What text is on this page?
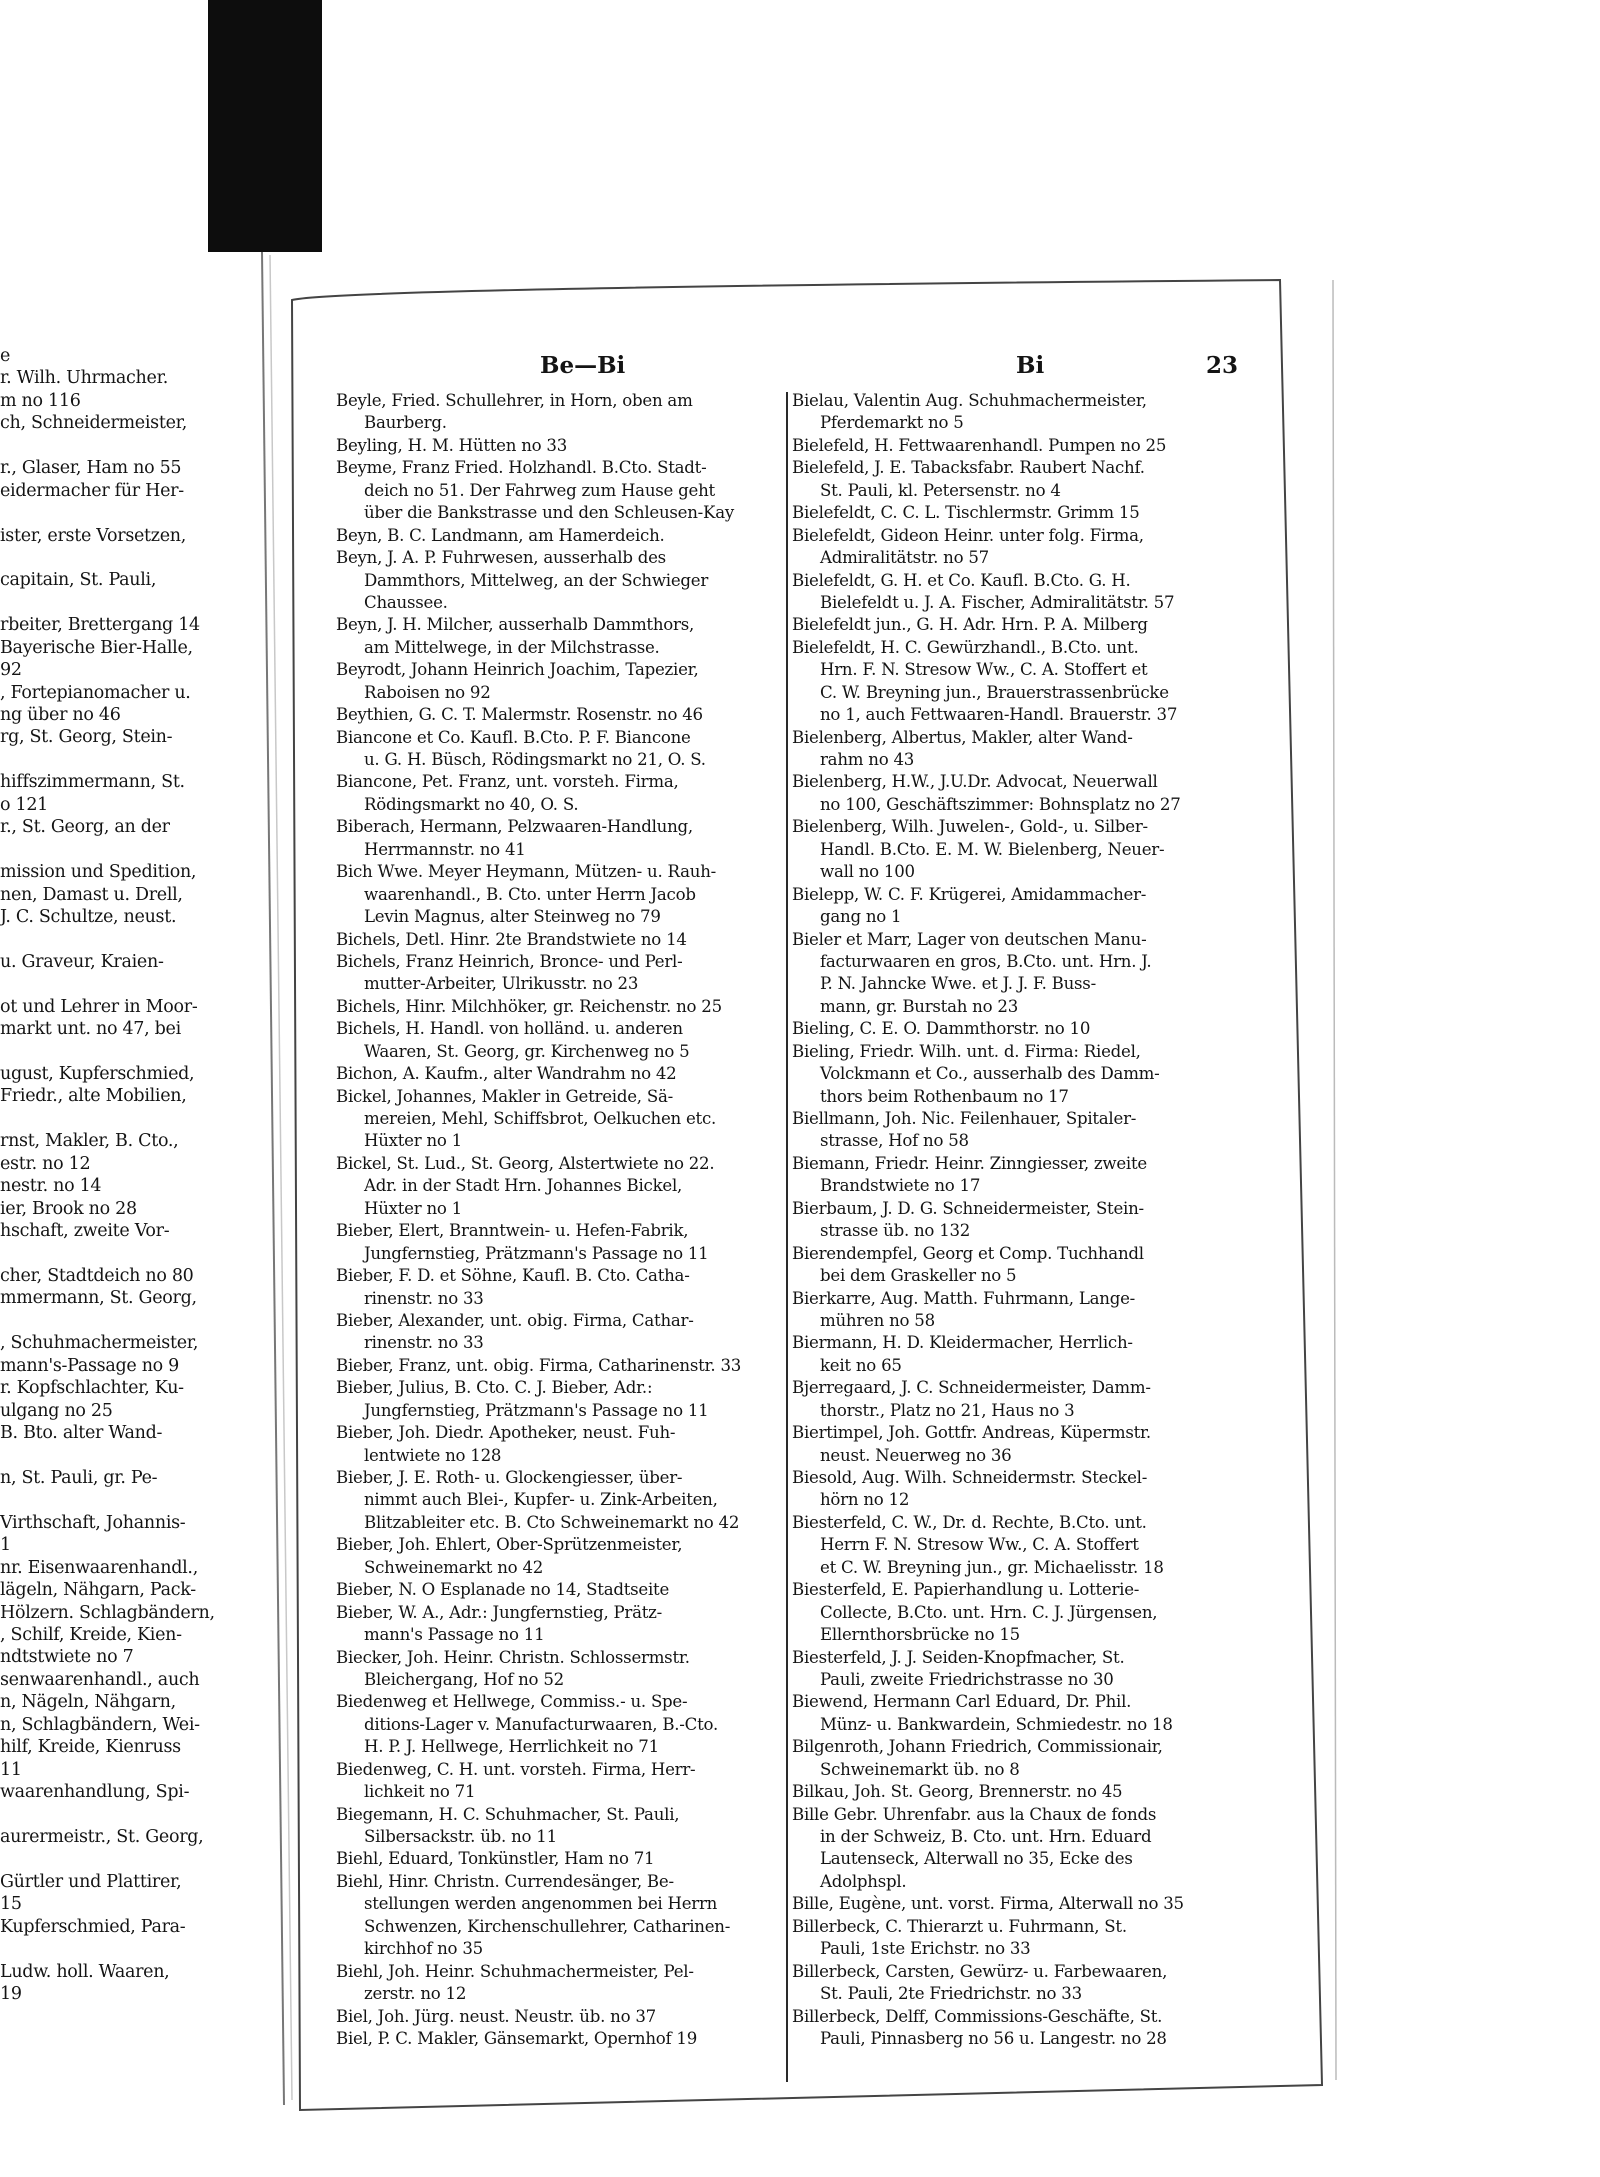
e
r. Wilh. Uhrmacher.
m no 116
ch, Schneidermeister,
r., Glaser, Ham no 55
eidermacher für Her-
ister, erste Vorsetzen,
capitain, St. Pauli,
rbeiter, Brettergang 14
Bayerische Bier-Halle,
92
, Fortepianomacher u.
ng über no 46
rg, St. Georg, Stein-
hiffszimmermann, St.
o 121
r., St. Georg, an der
mission und Spedition,
nen, Damast u. Drell,
J. C. Schultze, neust.
u. Graveur, Kraien-
ot und Lehrer in Moor-
markt unt. no 47, bei
ugust, Kupferschmied,
Friedr., alte Mobilien,
rnst, Makler, B. Cto.,
estr. no 12
nestr. no 14
ier, Brook no 28
hschaft, zweite Vor-
cher, Stadtdeich no 80
mmermann, St. Georg,
, Schuhmachermeister,
mann's-Passage no 9
r. Kopfschlachter, Ku-
ulgang no 25
B. Bto. alter Wand-
n, St. Pauli, gr. Pe-
Virthschaft, Johannis-
1
nr. Eisenwaarenhandl.,
lägeln, Nähgarn, Pack-
Hölzern. Schlagbändern,
, Schilf, Kreide, Kien-
ndtstwiete no 7
senwaarenhandl., auch
n, Nägeln, Nähgarn,
n, Schlagbändern, Wei-
hilf, Kreide, Kienruss
11
waarenhandlung, Spi-
aurermeistr., St. Georg,
Gürtler und Plattirer,
15
Kupferschmied, Para-
Ludw. holl. Waaren,
19
Be—Bi	Bi	23
Beyle, Fried. Schullehrer, in Horn, oben am
Baurberg.
Beyling, H. M. Hütten no 33
Beyme, Franz Fried. Holzhandl. B.Cto. Stadt-
deich no 51. Der Fahrweg zum Hause geht
über die Bankstrasse und den Schleusen-Kay
Beyn, B. C. Landmann, am Hamerdeich.
Beyn, J. A. P. Fuhrwesen, ausserhalb des
Dammthors, Mittelweg, an der Schwieger
Chaussee.
Beyn, J. H. Milcher, ausserhalb Dammthors,
am Mittelwege, in der Milchstrasse.
Beyrodt, Johann Heinrich Joachim, Tapezier,
Raboisen no 92
Beythien, G. C. T. Malermstr. Rosenstr. no 46
Biancone et Co. Kaufl. B.Cto. P. F. Biancone
u. G. H. Büsch, Rödingsmarkt no 21, O. S.
Biancone, Pet. Franz, unt. vorsteh. Firma,
Rödingsmarkt no 40, O. S.
Biberach, Hermann, Pelzwaaren-Handlung,
Herrmannstr. no 41
Bich Wwe. Meyer Heymann, Mützen- u. Rauh-
waarenhandl., B. Cto. unter Herrn Jacob
Levin Magnus, alter Steinweg no 79
Bichels, Detl. Hinr. 2te Brandstwiete no 14
Bichels, Franz Heinrich, Bronce- und Perl-
mutter-Arbeiter, Ulrikusstr. no 23
Bichels, Hinr. Milchhöker, gr. Reichenstr. no 25
Bichels, H. Handl. von holländ. u. anderen
Waaren, St. Georg, gr. Kirchenweg no 5
Bichon, A. Kaufm., alter Wandrahm no 42
Bickel, Johannes, Makler in Getreide, Sä-
mereien, Mehl, Schiffsbrot, Oelkuchen etc.
Hüxter no 1
Bickel, St. Lud., St. Georg, Alstertwiete no 22.
Adr. in der Stadt Hrn. Johannes Bickel,
Hüxter no 1
Bieber, Elert, Branntwein- u. Hefen-Fabrik,
Jungfernstieg, Prätzmann's Passage no 11
Bieber, F. D. et Söhne, Kaufl. B. Cto. Catha-
rinenstr. no 33
Bieber, Alexander, unt. obig. Firma, Cathar-
rinenstr. no 33
Bieber, Franz, unt. obig. Firma, Catharinenstr. 33
Bieber, Julius, B. Cto. C. J. Bieber, Adr.:
Jungfernstieg, Prätzmann's Passage no 11
Bieber, Joh. Diedr. Apotheker, neust. Fuh-
lentwiete no 128
Bieber, J. E. Roth- u. Glockengiesser, über-
nimmt auch Blei-, Kupfer- u. Zink-Arbeiten,
Blitzableiter etc. B. Cto Schweinemarkt no 42
Bieber, Joh. Ehlert, Ober-Sprützenmeister,
Schweinemarkt no 42
Bieber, N. O Esplanade no 14, Stadtseite
Bieber, W. A., Adr.: Jungfernstieg, Prätz-
mann's Passage no 11
Biecker, Joh. Heinr. Christn. Schlossermstr.
Bleichergang, Hof no 52
Biedenweg et Hellwege, Commiss.- u. Spe-
ditions-Lager v. Manufacturwaaren, B.-Cto.
H. P. J. Hellwege, Herrlichkeit no 71
Biedenweg, C. H. unt. vorsteh. Firma, Herr-
lichkeit no 71
Biegemann, H. C. Schuhmacher, St. Pauli,
Silbersackstr. üb. no 11
Biehl, Eduard, Tonkünstler, Ham no 71
Biehl, Hinr. Christn. Currendesänger, Be-
stellungen werden angenommen bei Herrn
Schwenzen, Kirchenschullehrer, Catharinen-
kirchhof no 35
Biehl, Joh. Heinr. Schuhmachermeister, Pel-
zerstr. no 12
Biel, Joh. Jürg. neust. Neustr. üb. no 37
Biel, P. C. Makler, Gänsemarkt, Opernhof 19
Bielau, Valentin Aug. Schuhmachermeister,
Pferdemarkt no 5
Bielefeld, H. Fettwaarenhandl. Pumpen no 25
Bielefeld, J. E. Tabacksfabr. Raubert Nachf.
St. Pauli, kl. Petersenstr. no 4
Bielefeldt, C. C. L. Tischlermstr. Grimm 15
Bielefeldt, Gideon Heinr. unter folg. Firma,
Admiralitätstr. no 57
Bielefeldt, G. H. et Co. Kaufl. B.Cto. G. H.
Bielefeldt u. J. A. Fischer, Admiralitätstr. 57
Bielefeldt jun., G. H. Adr. Hrn. P. A. Milberg
Bielefeldt, H. C. Gewürzhandl., B.Cto. unt.
Hrn. F. N. Stresow Ww., C. A. Stoffert et
C. W. Breyning jun., Brauerstrassenbrücke
no 1, auch Fettwaaren-Handl. Brauerstr. 37
Bielenberg, Albertus, Makler, alter Wand-
rahm no 43
Bielenberg, H.W., J.U.Dr. Advocat, Neuerwall
no 100, Geschäftszimmer: Bohnsplatz no 27
Bielenberg, Wilh. Juwelen-, Gold-, u. Silber-
Handl. B.Cto. E. M. W. Bielenberg, Neuer-
wall no 100
Bielepp, W. C. F. Krügerei, Amidammacher-
gang no 1
Bieler et Marr, Lager von deutschen Manu-
facturwaaren en gros, B.Cto. unt. Hrn. J.
P. N. Jahncke Wwe. et J. J. F. Buss-
mann, gr. Burstah no 23
Bieling, C. E. O. Dammthorstr. no 10
Bieling, Friedr. Wilh. unt. d. Firma: Riedel,
Volckmann et Co., ausserhalb des Damm-
thors beim Rothenbaum no 17
Biellmann, Joh. Nic. Feilenhauer, Spitaler-
strasse, Hof no 58
Biemann, Friedr. Heinr. Zinngiesser, zweite
Brandstwiete no 17
Bierbaum, J. D. G. Schneidermeister, Stein-
strasse üb. no 132
Bierendempfel, Georg et Comp. Tuchhandl
bei dem Graskeller no 5
Bierkarre, Aug. Matth. Fuhrmann, Lange-
mühren no 58
Biermann, H. D. Kleidermacher, Herrlich-
keit no 65
Bjerregaard, J. C. Schneidermeister, Damm-
thorstr., Platz no 21, Haus no 3
Biertimpel, Joh. Gottfr. Andreas, Küpermstr.
neust. Neuerweg no 36
Biesold, Aug. Wilh. Schneidermstr. Steckel-
hörn no 12
Biesterfeld, C. W., Dr. d. Rechte, B.Cto. unt.
Herrn F. N. Stresow Ww., C. A. Stoffert
et C. W. Breyning jun., gr. Michaelisstr. 18
Biesterfeld, E. Papierhandlung u. Lotterie-
Collecte, B.Cto. unt. Hrn. C. J. Jürgensen,
Ellernthorsbrücke no 15
Biesterfeld, J. J. Seiden-Knopfmacher, St.
Pauli, zweite Friedrichstrasse no 30
Biewend, Hermann Carl Eduard, Dr. Phil.
Münz- u. Bankwardein, Schmiedestr. no 18
Bilgenroth, Johann Friedrich, Commissionair,
Schweinemarkt üb. no 8
Bilkau, Joh. St. Georg, Brennerstr. no 45
Bille Gebr. Uhrenfabr. aus la Chaux de fonds
in der Schweiz, B. Cto. unt. Hrn. Eduard
Lautenseck, Alterwall no 35, Ecke des
Adolphspl.
Bille, Eugène, unt. vorst. Firma, Alterwall no 35
Billerbeck, C. Thierarzt u. Fuhrmann, St.
Pauli, 1ste Erichstr. no 33
Billerbeck, Carsten, Gewürz- u. Farbewaaren,
St. Pauli, 2te Friedrichstr. no 33
Billerbeck, Delff, Commissions-Geschäfte, St.
Pauli, Pinnasberg no 56 u. Langestr. no 28
